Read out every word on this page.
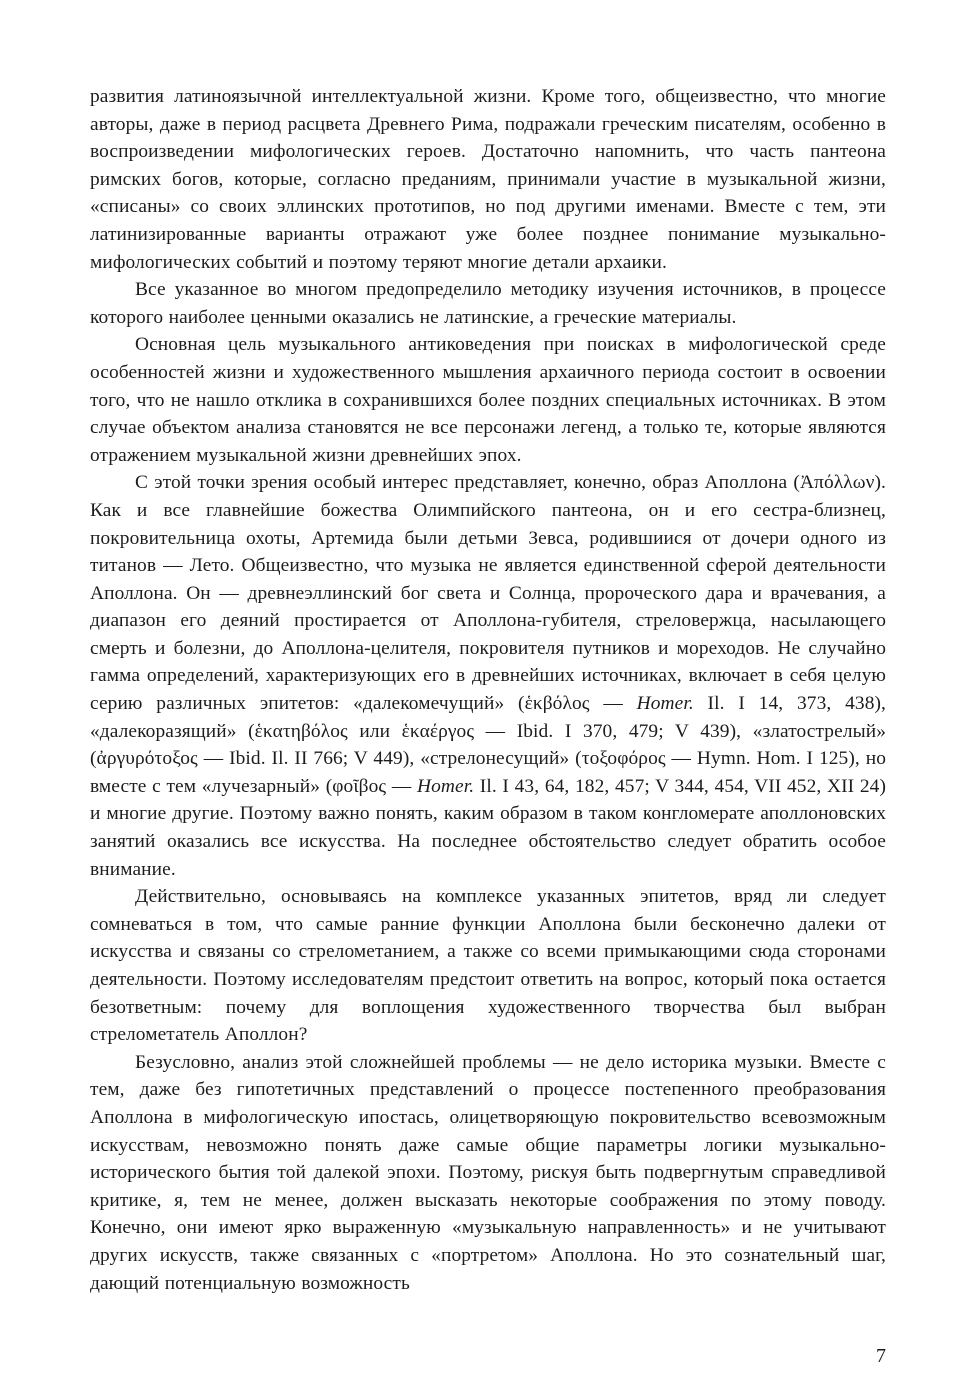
развития латиноязычной интеллектуальной жизни. Кроме того, общеизвестно, что многие авторы, даже в период расцвета Древнего Рима, подражали греческим писателям, особенно в воспроизведении мифологических героев. Достаточно напомнить, что часть пантеона римских богов, которые, согласно преданиям, принимали участие в музыкальной жизни, «списаны» со своих эллинских прототипов, но под другими именами. Вместе с тем, эти латинизированные варианты отражают уже более позднее понимание музыкально-мифологических событий и поэтому теряют многие детали архаики.

Все указанное во многом предопределило методику изучения источников, в процессе которого наиболее ценными оказались не латинские, а греческие материалы.

Основная цель музыкального антиковедения при поисках в мифологической среде особенностей жизни и художественного мышления архаичного периода состоит в освоении того, что не нашло отклика в сохранившихся более поздних специальных источниках. В этом случае объектом анализа становятся не все персонажи легенд, а только те, которые являются отражением музыкальной жизни древнейших эпох.

С этой точки зрения особый интерес представляет, конечно, образ Аполлона (Ἀπόλλων). Как и все главнейшие божества Олимпийского пантеона, он и его сестра-близнец, покровительница охоты, Артемида были детьми Зевса, родившиися от дочери одного из титанов — Лето. Общеизвестно, что музыка не является единственной сферой деятельности Аполлона. Он — древнеэллинский бог света и Солнца, пророческого дара и врачевания, а диапазон его деяний простирается от Аполлона-губителя, стреловержца, насылающего смерть и болезни, до Аполлона-целителя, покровителя путников и мореходов. Не случайно гамма определений, характеризующих его в древнейших источниках, включает в себя целую серию различных эпитетов: «далекомечущий» (ἑκβόλος — Homer. Il. I 14, 373, 438), «далекоразящий» (ἑκατηβόλος или ἑκαέργος — Ibid. I 370, 479; V 439), «златострелый» (ἀργυρότοξος — Ibid. Il. II 766; V 449), «стрелонесущий» (τοξοφόρος — Hymn. Hom. I 125), но вместе с тем «лучезарный» (φοῖβος — Homer. Il. I 43, 64, 182, 457; V 344, 454, VII 452, XII 24) и многие другие. Поэтому важно понять, каким образом в таком конгломерате аполлоновских занятий оказались все искусства. На последнее обстоятельство следует обратить особое внимание.

Действительно, основываясь на комплексе указанных эпитетов, вряд ли следует сомневаться в том, что самые ранние функции Аполлона были бесконечно далеки от искусства и связаны со стрелометанием, а также со всеми примыкающими сюда сторонами деятельности. Поэтому исследователям предстоит ответить на вопрос, который пока остается безответным: почему для воплощения художественного творчества был выбран стрелометатель Аполлон?

Безусловно, анализ этой сложнейшей проблемы — не дело историка музыки. Вместе с тем, даже без гипотетичных представлений о процессе постепенного преобразования Аполлона в мифологическую ипостась, олицетворяющую покровительство всевозможным искусствам, невозможно понять даже самые общие параметры логики музыкально-исторического бытия той далекой эпохи. Поэтому, рискуя быть подвергнутым справедливой критике, я, тем не менее, должен высказать некоторые соображения по этому поводу. Конечно, они имеют ярко выраженную «музыкальную направленность» и не учитывают других искусств, также связанных с «портретом» Аполлона. Но это сознательный шаг, дающий потенциальную возможность

7
